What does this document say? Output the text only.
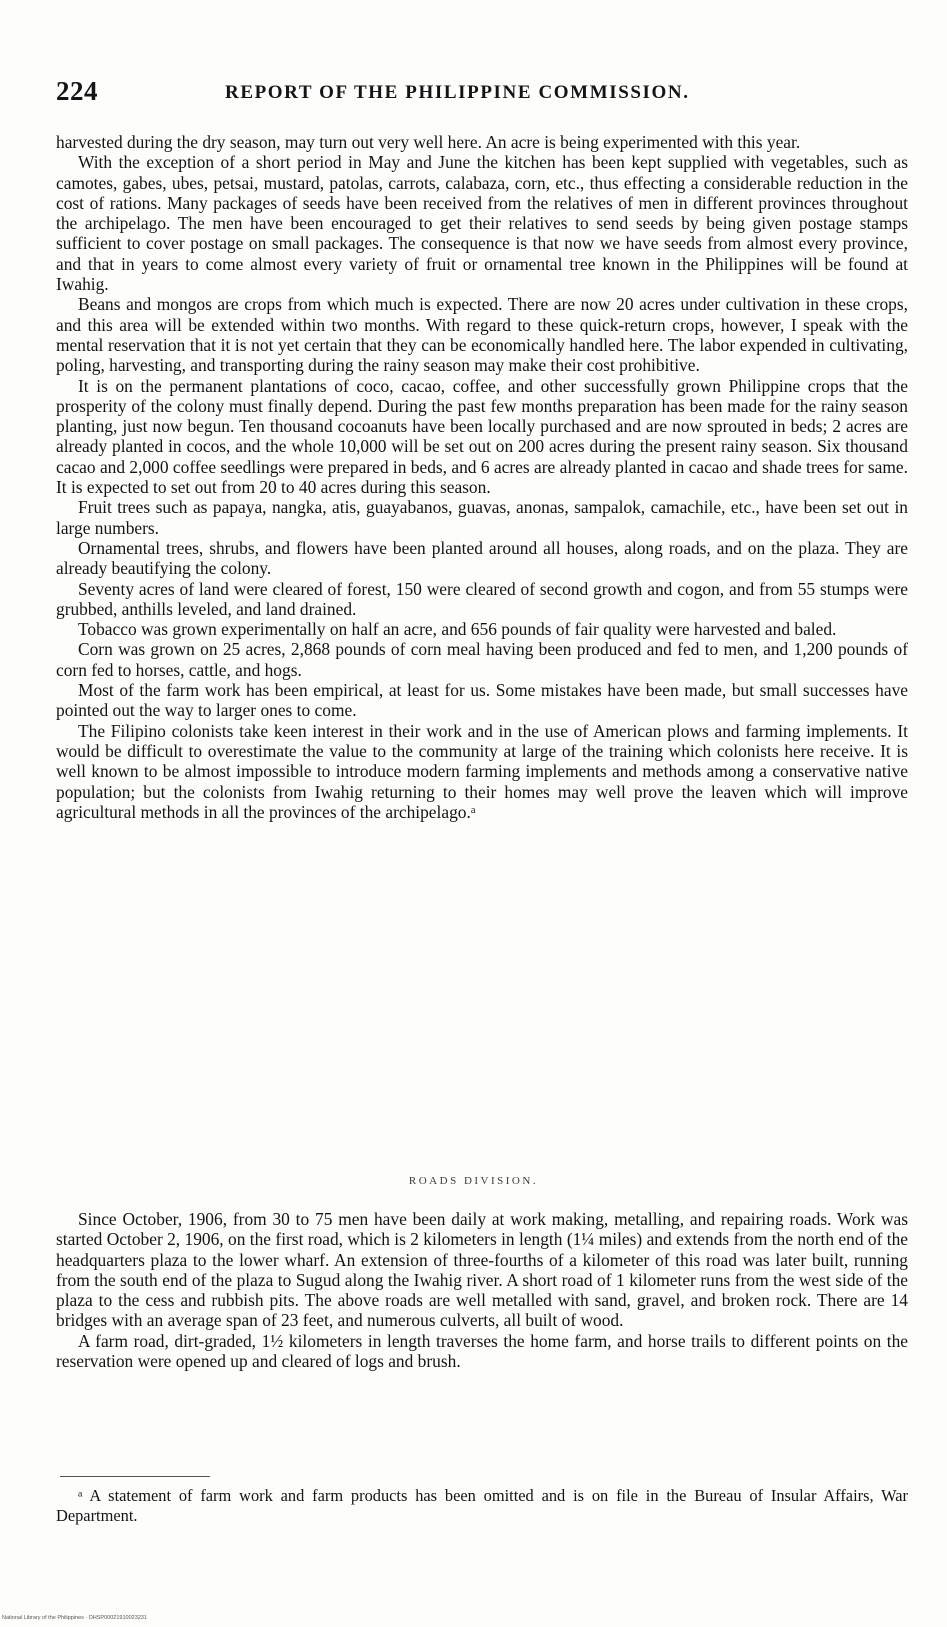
224	REPORT OF THE PHILIPPINE COMMISSION.

harvested during the dry season, may turn out very well here. An acre is being experimented with this year.

With the exception of a short period in May and June the kitchen has been kept supplied with vegetables, such as camotes, gabes, ubes, petsai, mustard, patolas, carrots, calabaza, corn, etc., thus effecting a considerable reduction in the cost of rations. Many packages of seeds have been received from the relatives of men in different provinces throughout the archipelago. The men have been encouraged to get their relatives to send seeds by being given postage stamps sufficient to cover postage on small packages. The consequence is that now we have seeds from almost every province, and that in years to come almost every variety of fruit or ornamental tree known in the Philippines will be found at Iwahig.

Beans and mongos are crops from which much is expected. There are now 20 acres under cultivation in these crops, and this area will be extended within two months. With regard to these quick-return crops, however, I speak with the mental reservation that it is not yet certain that they can be economically handled here. The labor expended in cultivating, poling, harvesting, and transporting during the rainy season may make their cost prohibitive.

It is on the permanent plantations of coco, cacao, coffee, and other successfully grown Philippine crops that the prosperity of the colony must finally depend. During the past few months preparation has been made for the rainy season planting, just now begun. Ten thousand cocoanuts have been locally purchased and are now sprouted in beds; 2 acres are already planted in cocos, and the whole 10,000 will be set out on 200 acres during the present rainy season. Six thousand cacao and 2,000 coffee seedlings were prepared in beds, and 6 acres are already planted in cacao and shade trees for same. It is expected to set out from 20 to 40 acres during this season.

Fruit trees such as papaya, nangka, atis, guayabanos, guavas, anonas, sampalok, camachile, etc., have been set out in large numbers.

Ornamental trees, shrubs, and flowers have been planted around all houses, along roads, and on the plaza. They are already beautifying the colony.

Seventy acres of land were cleared of forest, 150 were cleared of second growth and cogon, and from 55 stumps were grubbed, anthills leveled, and land drained.

Tobacco was grown experimentally on half an acre, and 656 pounds of fair quality were harvested and baled.

Corn was grown on 25 acres, 2,868 pounds of corn meal having been produced and fed to men, and 1,200 pounds of corn fed to horses, cattle, and hogs.

Most of the farm work has been empirical, at least for us. Some mistakes have been made, but small successes have pointed out the way to larger ones to come.

The Filipino colonists take keen interest in their work and in the use of American plows and farming implements. It would be difficult to overestimate the value to the community at large of the training which colonists here receive. It is well known to be almost impossible to introduce modern farming implements and methods among a conservative native population; but the colonists from Iwahig returning to their homes may well prove the leaven which will improve agricultural methods in all the provinces of the archipelago.ᵃ

ROADS DIVISION.

Since October, 1906, from 30 to 75 men have been daily at work making, metalling, and repairing roads. Work was started October 2, 1906, on the first road, which is 2 kilometers in length (1¼ miles) and extends from the north end of the headquarters plaza to the lower wharf. An extension of three-fourths of a kilometer of this road was later built, running from the south end of the plaza to Sugud along the Iwahig river. A short road of 1 kilometer runs from the west side of the plaza to the cess and rubbish pits. The above roads are well metalled with sand, gravel, and broken rock. There are 14 bridges with an average span of 23 feet, and numerous culverts, all built of wood.

A farm road, dirt-graded, 1½ kilometers in length traverses the home farm, and horse trails to different points on the reservation were opened up and cleared of logs and brush.

ᵃ A statement of farm work and farm products has been omitted and is on file in the Bureau of Insular Affairs, War Department.
National Library of the Philippines · DHSP00021910023231
